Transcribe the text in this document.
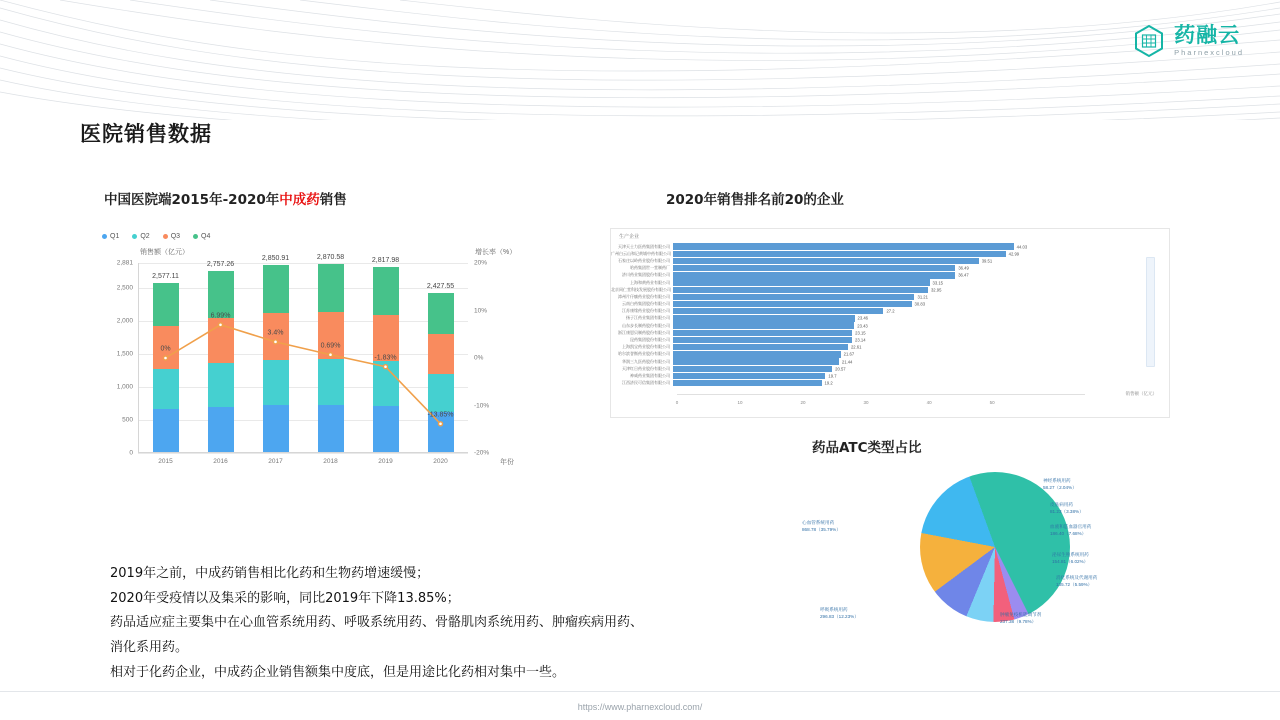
药融云
Pharnexcloud
医院销售数据
中国医院端2015年-2020年中成药销售
Q1	Q2	Q3	Q4
销售额（亿元）	增长率（%）
年份
0
500
1,000
1,500
2,000
2,500
2,881
-20%
-10%
0%
10%
20%
2,577.11
2015
2,757.26
2016
2,850.91
2017
2,870.58
2018
2,817.98
2019
2,427.55
2020
0%
6.99%
3.4%
0.69%
-1.83%
-13.85%
2020年销售排名前20的企业
生产企业
天津天士力医药集团有限公司	44.03
广州白云山和记黄埔中药有限公司	42.99
石家庄以岭药业股份有限公司	39.51
哈药集团世一堂制药厂	36.49
济川药业集团股份有限公司	36.47
上海和黄药业有限公司	33.15
北京同仁堂科技发展股份有限公司	32.95
漳州片仔癀药业股份有限公司	31.21
云南白药集团股份有限公司	30.83
江苏康缘药业股份有限公司	27.2
扬子江药业集团有限公司	23.46
山东步长制药股份有限公司	23.43
浙江康恩贝制药股份有限公司	23.15
昆药集团股份有限公司	23.14
上海凯宝药业股份有限公司	22.61
哈尔滨誉衡药业股份有限公司	21.67
华润三九医药股份有限公司	21.44
天津红日药业股份有限公司	20.57
神威药业集团有限公司	19.7
江西济民可信集团有限公司	19.2
0	10	20	30	40	50
销售额（亿元）
药品ATC类型占比
心血管系统用药
868.78（35.79%）
神经系统用药
58.27（2.04%）
皮肤病用药
81.23（3.38%）
血液和造血器官用药
186.40（7.68%）
泌尿生殖系统用药
154.81（6.02%）
肿瘤免疫机能调节剂
237.38（9.78%）
呼吸系统用药
296.83（12.23%）
消化系统及代谢用药
135.72（5.59%）
2019年之前，中成药销售相比化药和生物药增速缓慢；
2020年受疫情以及集采的影响，同比2019年下降13.85%；
药品适应症主要集中在心血管系统用药、呼吸系统用药、骨骼肌肉系统用药、肿瘤疾病用药、
消化系用药。
相对于化药企业，中成药企业销售额集中度底，但是用途比化药相对集中一些。
https://www.pharnexcloud.com/
